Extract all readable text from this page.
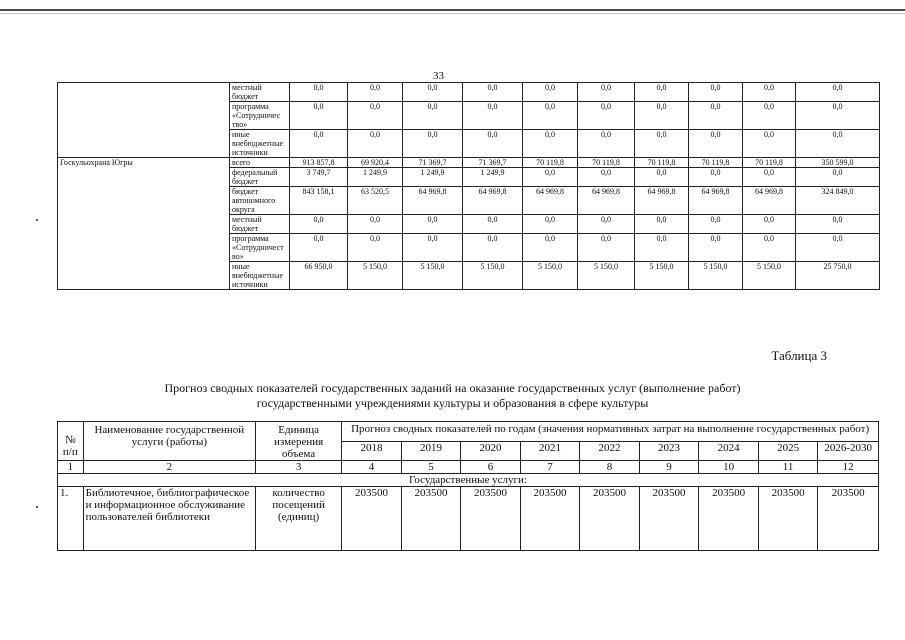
33
	местный бюджет	0,0	0,0	0,0	0,0	0,0	0,0	0,0	0,0	0,0	0,0
	программа «Сотрудничес тво»	0,0	0,0	0,0	0,0	0,0	0,0	0,0	0,0	0,0	0,0
	иные внебюджетные источники	0,0	0,0	0,0	0,0	0,0	0,0	0,0	0,0	0,0	0,0
Госкульохрана Югры	всего	913 857,8	69 920,4	71 369,7	71 369,7	70 119,8	70 119,8	70 119,8	70 119,8	70 119,8	350 599,0
	федеральный бюджет	3 749,7	1 249,9	1 249,9	1 249,9	0,0	0,0	0,0	0,0	0,0	0,0
	бюджет автономного округа	843 158,1	63 520,5	64 969,8	64 969,8	64 969,8	64 969,8	64 969,8	64 969,8	64 969,8	324 849,0
	местный бюджет	0,0	0,0	0,0	0,0	0,0	0,0	0,0	0,0	0,0	0,0
	программа «Сотрудничест во»	0,0	0,0	0,0	0,0	0,0	0,0	0,0	0,0	0,0	0,0
	иные внебюджетные источники	66 950,0	5 150,0	5 150,0	5 150,0	5 150,0	5 150,0	5 150,0	5 150,0	5 150,0	25 750,0
Таблица 3
Прогноз сводных показателей государственных заданий на оказание государственных услуг (выполнение работ)
государственными учреждениями культуры и образования в сфере культуры
№ п/п	Наименование государственной услуги (работы)	Единица измерения объема	Прогноз сводных показателей по годам (значения нормативных затрат на выполнение государственных работ)								
			2018	2019	2020	2021	2022	2023	2024	2025	2026-2030
1	2	3	4	5	6	7	8	9	10	11	12
Государственные услуги:											
1.	Библиотечное, библиографическое и информационное обслуживание пользователей библиотеки	количество посещений (единиц)	203500	203500	203500	203500	203500	203500	203500	203500	203500
